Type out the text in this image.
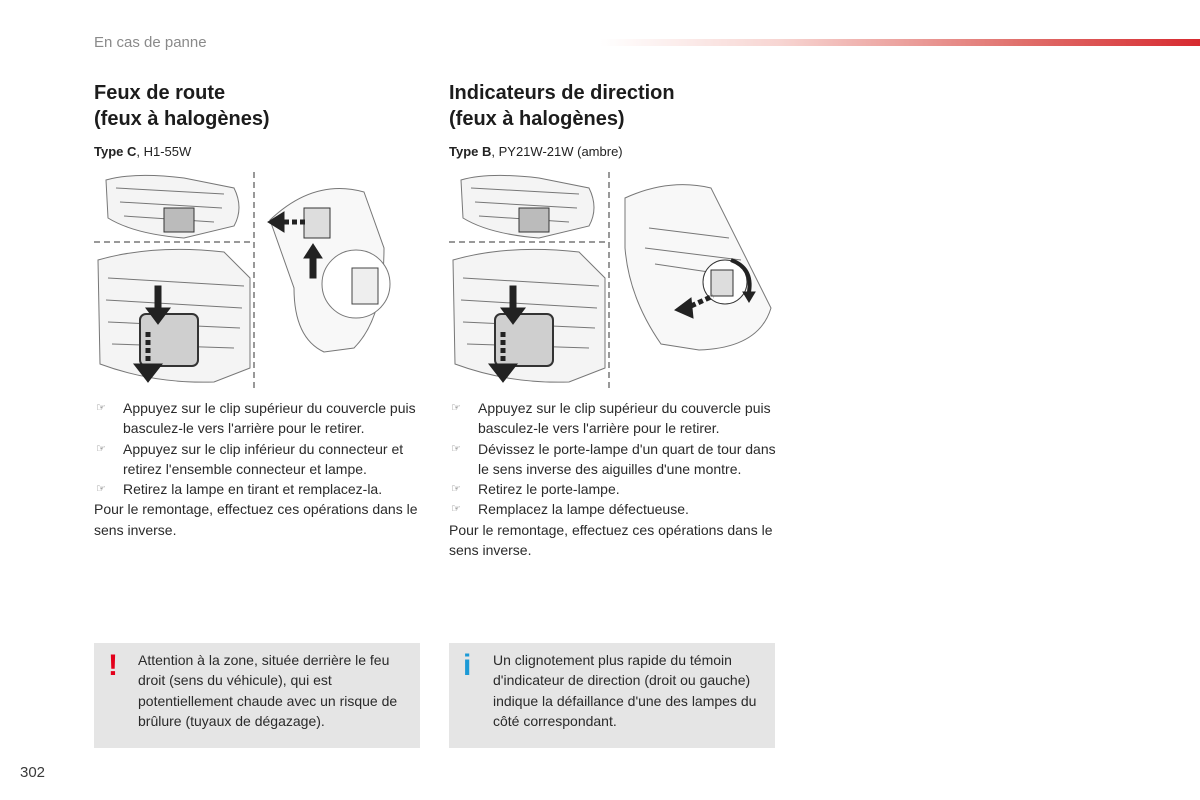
En cas de panne
Feux de route
(feux à halogènes)
Type C, H1-55W
☞ Appuyez sur le clip supérieur du couvercle puis basculez-le vers l'arrière pour le retirer.
☞ Appuyez sur le clip inférieur du connecteur et retirez l'ensemble connecteur et lampe.
☞ Retirez la lampe en tirant et remplacez-la.

Pour le remontage, effectuez ces opérations dans le sens inverse.

! Attention à la zone, située derrière le feu droit (sens du véhicule), qui est potentiellement chaude avec un risque de brûlure (tuyaux de dégazage).
Indicateurs de direction
(feux à halogènes)
Type B, PY21W-21W (ambre)
☞ Appuyez sur le clip supérieur du couvercle puis basculez-le vers l'arrière pour le retirer.
☞ Dévissez le porte-lampe d'un quart de tour dans le sens inverse des aiguilles d'une montre.
☞ Retirez le porte-lampe.
☞ Remplacez la lampe défectueuse.

Pour le remontage, effectuez ces opérations dans le sens inverse.

i Un clignotement plus rapide du témoin d'indicateur de direction (droit ou gauche) indique la défaillance d'une des lampes du côté correspondant.
302
